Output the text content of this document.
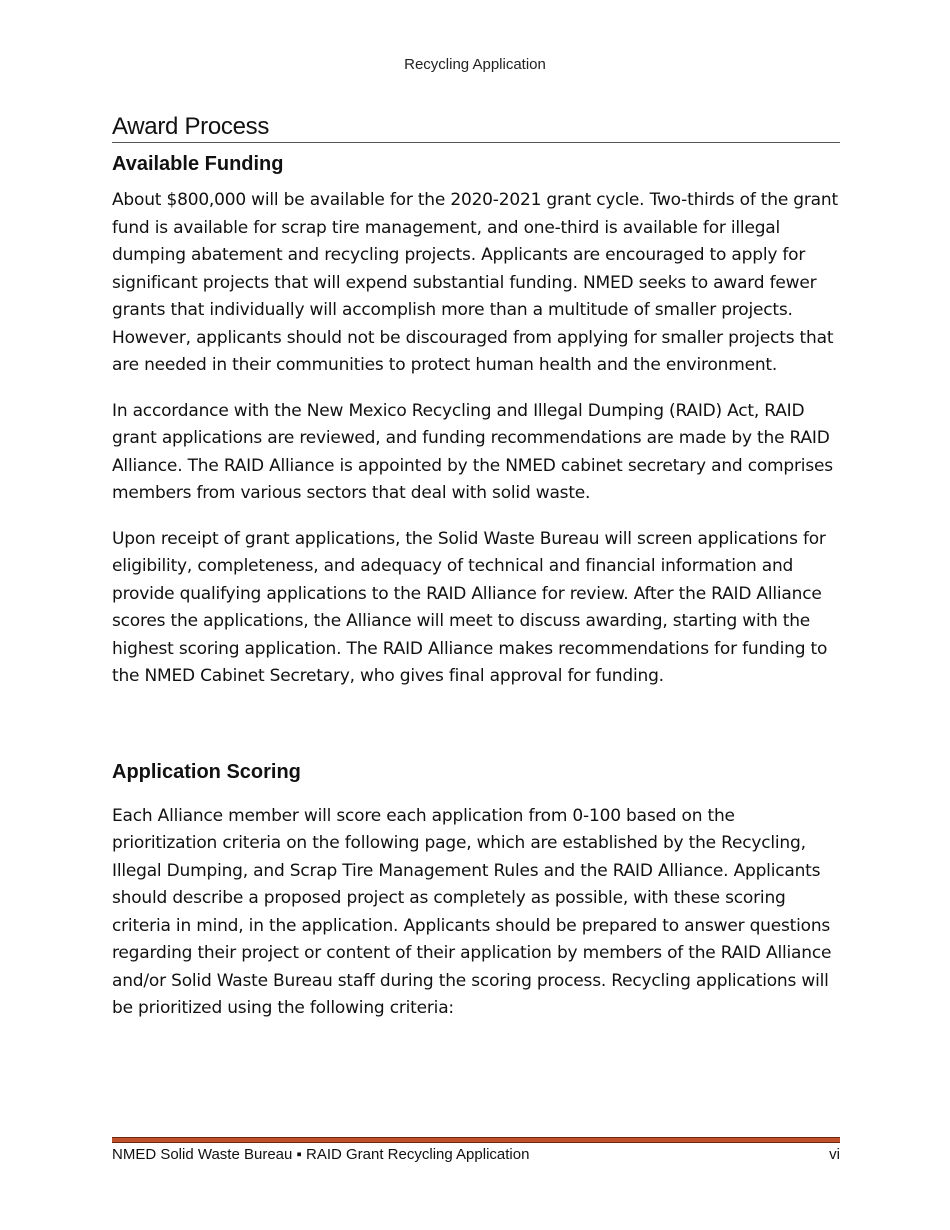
Recycling Application
Award Process
Available Funding

About $800,000 will be available for the 2020-2021 grant cycle. Two-thirds of the grant fund is available for scrap tire management, and one-third is available for illegal dumping abatement and recycling projects. Applicants are encouraged to apply for significant projects that will expend substantial funding. NMED seeks to award fewer grants that individually will accomplish more than a multitude of smaller projects. However, applicants should not be discouraged from applying for smaller projects that are needed in their communities to protect human health and the environment.

In accordance with the New Mexico Recycling and Illegal Dumping (RAID) Act, RAID grant applications are reviewed, and funding recommendations are made by the RAID Alliance. The RAID Alliance is appointed by the NMED cabinet secretary and comprises members from various sectors that deal with solid waste.

Upon receipt of grant applications, the Solid Waste Bureau will screen applications for eligibility, completeness, and adequacy of technical and financial information and provide qualifying applications to the RAID Alliance for review. After the RAID Alliance scores the applications, the Alliance will meet to discuss awarding, starting with the highest scoring application. The RAID Alliance makes recommendations for funding to the NMED Cabinet Secretary, who gives final approval for funding.

Application Scoring

Each Alliance member will score each application from 0-100 based on the prioritization criteria on the following page, which are established by the Recycling, Illegal Dumping, and Scrap Tire Management Rules and the RAID Alliance. Applicants should describe a proposed project as completely as possible, with these scoring criteria in mind, in the application. Applicants should be prepared to answer questions regarding their project or content of their application by members of the RAID Alliance and/or Solid Waste Bureau staff during the scoring process. Recycling applications will be prioritized using the following criteria:

NMED Solid Waste Bureau ▪ RAID Grant Recycling Application	vi
